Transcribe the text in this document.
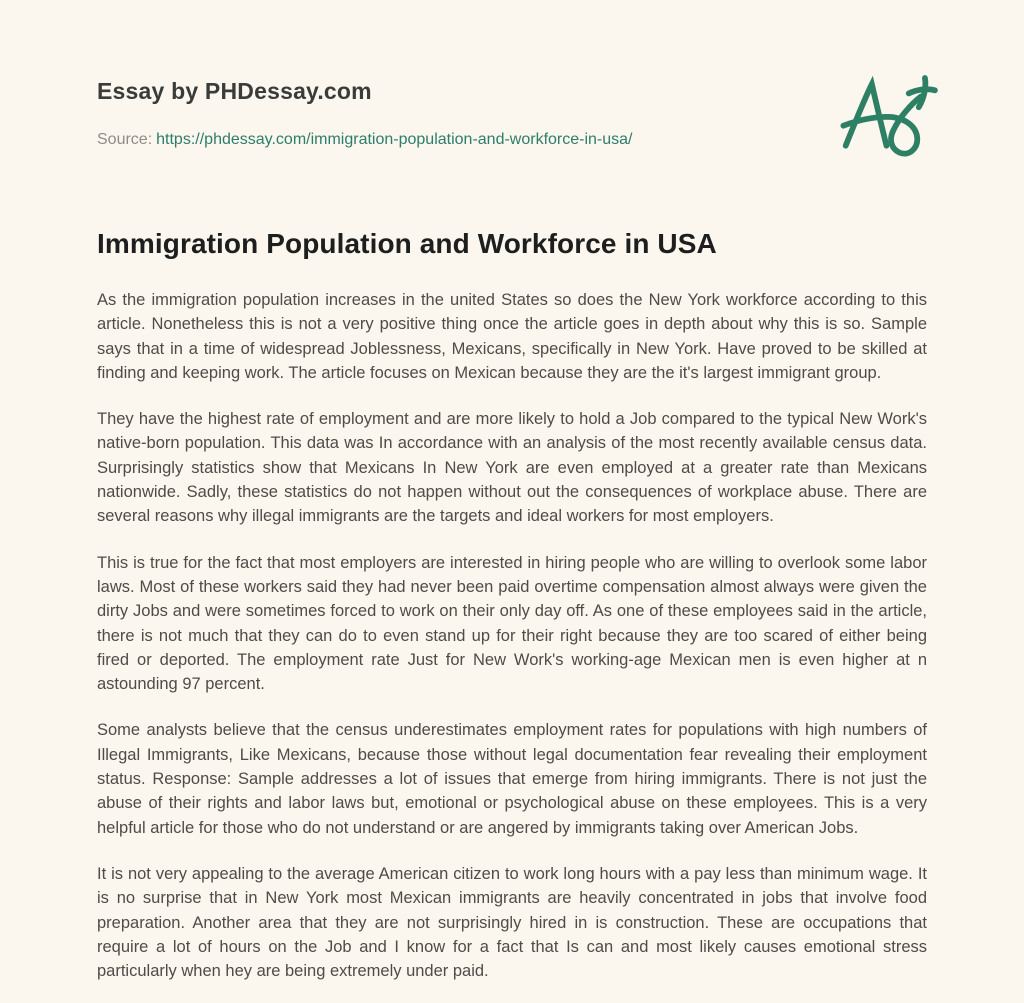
Essay by PHDessay.com
Source: https://phdessay.com/immigration-population-and-workforce-in-usa/
Immigration Population and Workforce in USA

As the immigration population increases in the united States so does the New York workforce according to this article. Nonetheless this is not a very positive thing once the article goes in depth about why this is so. Sample says that in a time of widespread Joblessness, Mexicans, specifically in New York. Have proved to be skilled at finding and keeping work. The article focuses on Mexican because they are the it's largest immigrant group.

They have the highest rate of employment and are more likely to hold a Job compared to the typical New Work's native-born population. This data was In accordance with an analysis of the most recently available census data. Surprisingly statistics show that Mexicans In New York are even employed at a greater rate than Mexicans nationwide. Sadly, these statistics do not happen without out the consequences of workplace abuse. There are several reasons why illegal immigrants are the targets and ideal workers for most employers.

This is true for the fact that most employers are interested in hiring people who are willing to overlook some labor laws. Most of these workers said they had never been paid overtime compensation almost always were given the dirty Jobs and were sometimes forced to work on their only day off. As one of these employees said in the article, there is not much that they can do to even stand up for their right because they are too scared of either being fired or deported. The employment rate Just for New Work's working-age Mexican men is even higher at n astounding 97 percent.

Some analysts believe that the census underestimates employment rates for populations with high numbers of Illegal Immigrants, Like Mexicans, because those without legal documentation fear revealing their employment status. Response: Sample addresses a lot of issues that emerge from hiring immigrants. There is not just the abuse of their rights and labor laws but, emotional or psychological abuse on these employees. This is a very helpful article for those who do not understand or are angered by immigrants taking over American Jobs.

It is not very appealing to the average American citizen to work long hours with a pay less than minimum wage. It is no surprise that in New York most Mexican immigrants are heavily concentrated in jobs that involve food preparation. Another area that they are not surprisingly hired in is construction. These are occupations that require a lot of hours on the Job and I know for a fact that Is can and most likely causes emotional stress particularly when hey are being extremely under paid.
